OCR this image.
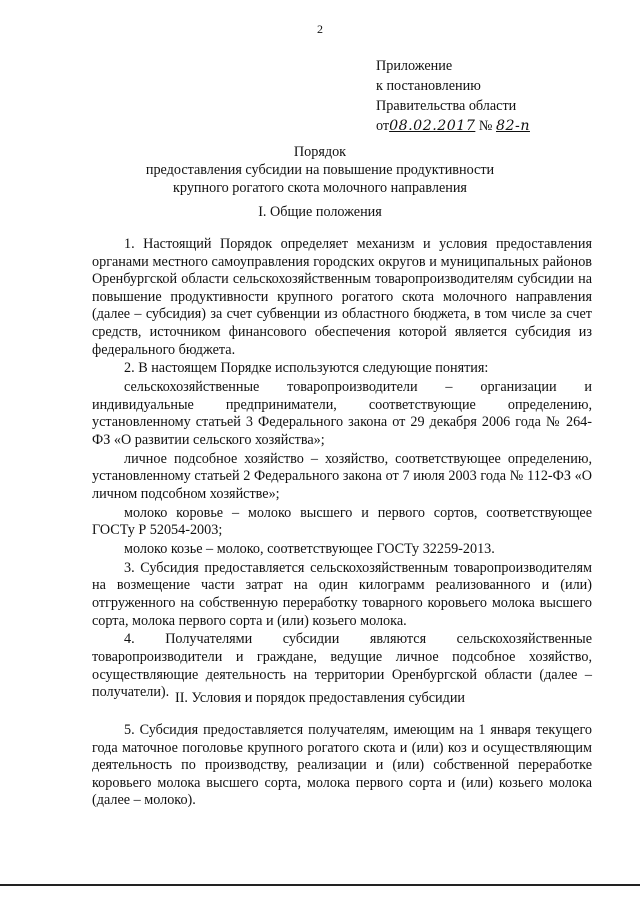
2
Приложение
к постановлению
Правительства области
от08.02.2017 № 82-п
Порядок
предоставления субсидии на повышение продуктивности
крупного рогатого скота молочного направления
I. Общие положения

1. Настоящий Порядок определяет механизм и условия предоставления органами местного самоуправления городских округов и муниципальных районов Оренбургской области сельскохозяйственным товаропроизводителям субсидии на повышение продуктивности крупного рогатого скота молочного направления (далее – субсидия) за счет субвенции из областного бюджета, в том числе за счет средств, источником финансового обеспечения которой является субсидия из федерального бюджета.

2. В настоящем Порядке используются следующие понятия:

сельскохозяйственные товаропроизводители – организации и индивидуальные предприниматели, соответствующие определению, установленному статьей 3 Федерального закона от 29 декабря 2006 года № 264-ФЗ «О развитии сельского хозяйства»;

личное подсобное хозяйство – хозяйство, соответствующее определению, установленному статьей 2 Федерального закона от 7 июля 2003 года № 112-ФЗ «О личном подсобном хозяйстве»;

молоко коровье – молоко высшего и первого сортов, соответствующее ГОСТу Р 52054-2003;

молоко козье – молоко, соответствующее ГОСТу 32259-2013.

3. Субсидия предоставляется сельскохозяйственным товаропроизводителям на возмещение части затрат на один килограмм реализованного и (или) отгруженного на собственную переработку товарного коровьего молока высшего сорта, молока первого сорта и (или) козьего молока.

4. Получателями субсидии являются сельскохозяйственные товаропроизводители и граждане, ведущие личное подсобное хозяйство, осуществляющие деятельность на территории Оренбургской области (далее – получатели). II. Условия и порядок предоставления субсидии

5. Субсидия предоставляется получателям, имеющим на 1 января текущего года маточное поголовье крупного рогатого скота и (или) коз и осуществляющим деятельность по производству, реализации и (или) собственной переработке коровьего молока высшего сорта, молока первого сорта и (или) козьего молока (далее – молоко).
